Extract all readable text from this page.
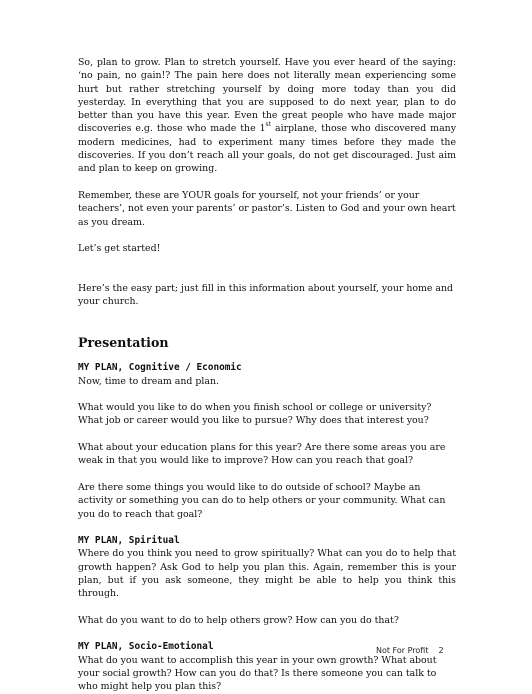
So, plan to grow. Plan to stretch yourself. Have you ever heard of the saying: ‘no pain, no gain!? The pain here does not literally mean experiencing some hurt but rather stretching yourself by doing more today than you did yesterday. In everything that you are supposed to do next year, plan to do better than you have this year. Even the great people who have made major discoveries e.g. those who made the 1st airplane, those who discovered many modern medicines, had to experiment many times before they made the discoveries. If you don’t reach all your goals, do not get discouraged. Just aim and plan to keep on growing.

Remember, these are YOUR goals for yourself, not your friends’ or your teachers’, not even your parents’ or pastor’s. Listen to God and your own heart as you dream.

Let’s get started!

Here’s the easy part; just fill in this information about yourself, your home and your church.

Presentation

MY PLAN, Cognitive / Economic

Now, time to dream and plan.

What would you like to do when you finish school or college or university? What job or career would you like to pursue? Why does that interest you?

What about your education plans for this year? Are there some areas you are weak in that you would like to improve? How can you reach that goal?

Are there some things you would like to do outside of school? Maybe an activity or something you can do to help others or your community. What can you do to reach that goal?

MY PLAN, Spiritual

Where do you think you need to grow spiritually? What can you do to help that growth happen? Ask God to help you plan this. Again, remember this is your plan, but if you ask someone, they might be able to help you think this through.

What do you want to do to help others grow? How can you do that?

MY PLAN, Socio-Emotional

What do you want to accomplish this year in your own growth? What about your social growth? How can you do that? Is there someone you can talk to who might help you plan this?

Not For Profit 2
